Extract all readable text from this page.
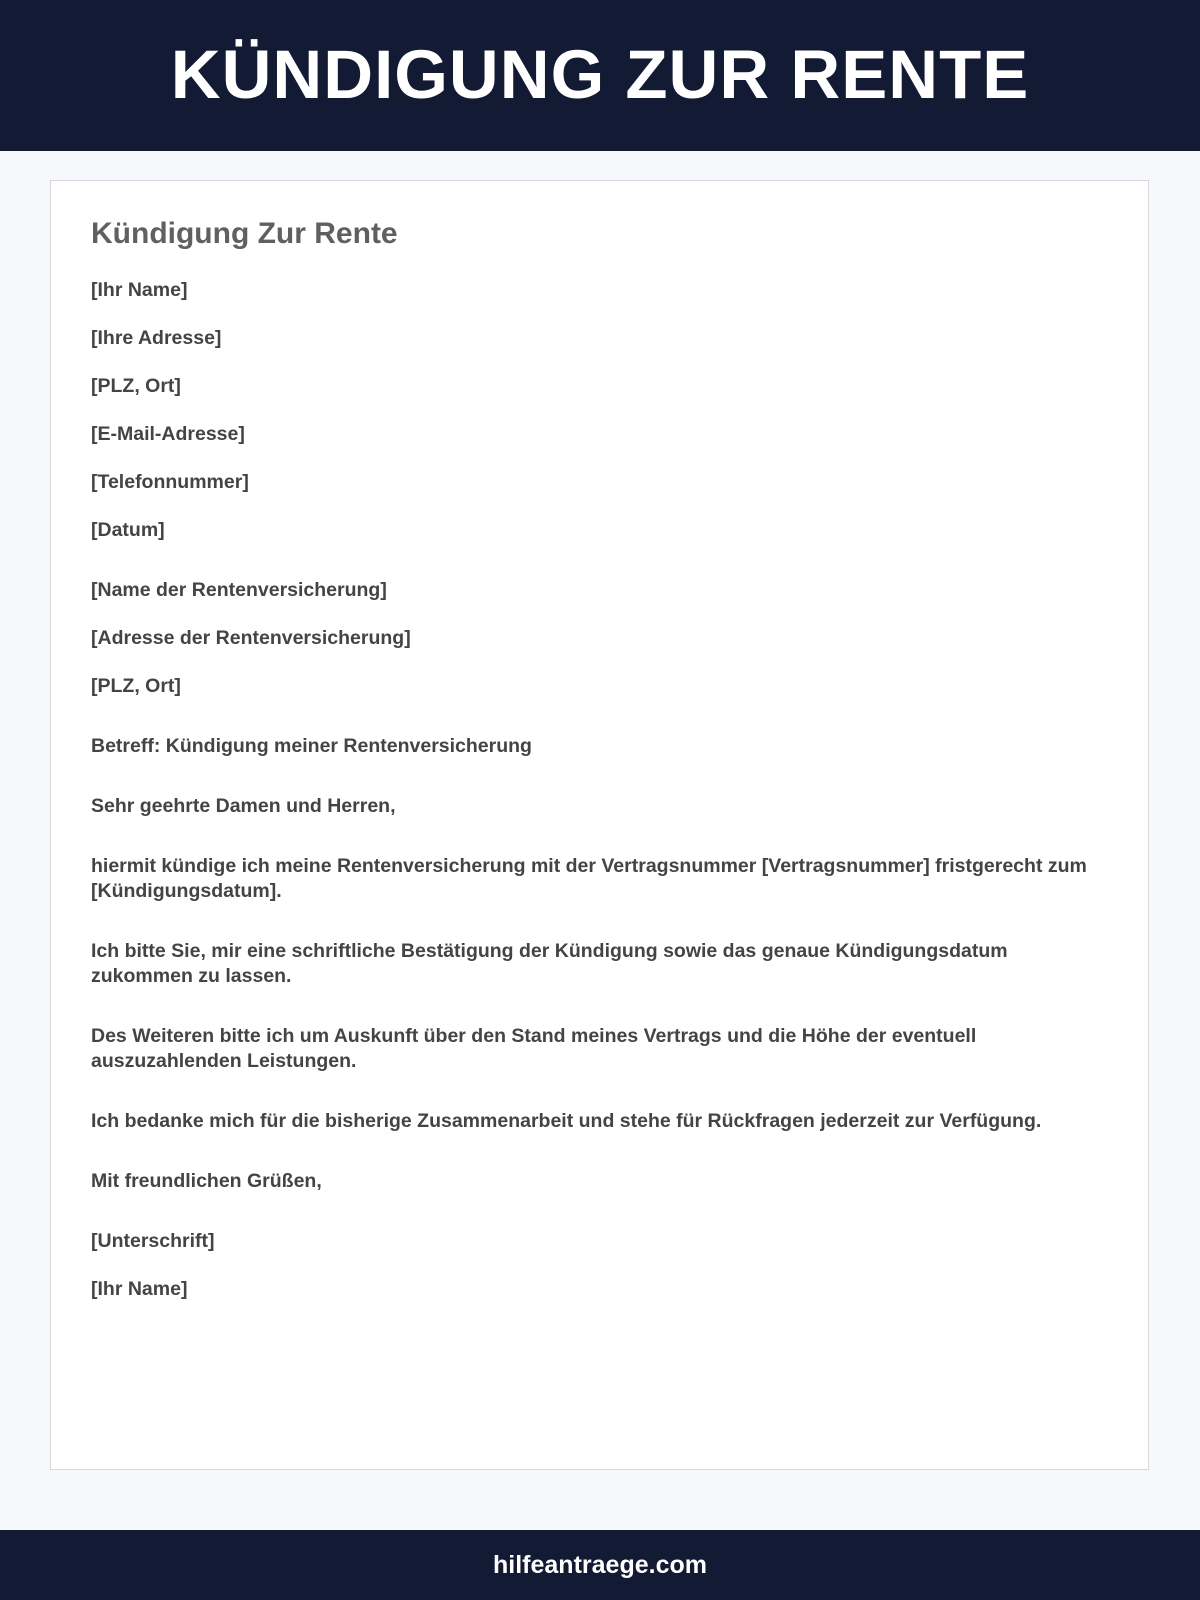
KÜNDIGUNG ZUR RENTE
Kündigung Zur Rente

[Ihr Name]

[Ihre Adresse]

[PLZ, Ort]

[E-Mail-Adresse]

[Telefonnummer]

[Datum]

[Name der Rentenversicherung]

[Adresse der Rentenversicherung]

[PLZ, Ort]

Betreff: Kündigung meiner Rentenversicherung

Sehr geehrte Damen und Herren,

hiermit kündige ich meine Rentenversicherung mit der Vertragsnummer [Vertragsnummer] fristgerecht zum [Kündigungsdatum].

Ich bitte Sie, mir eine schriftliche Bestätigung der Kündigung sowie das genaue Kündigungsdatum zukommen zu lassen.

Des Weiteren bitte ich um Auskunft über den Stand meines Vertrags und die Höhe der eventuell auszuzahlenden Leistungen.

Ich bedanke mich für die bisherige Zusammenarbeit und stehe für Rückfragen jederzeit zur Verfügung.

Mit freundlichen Grüßen,

[Unterschrift]

[Ihr Name]

hilfeantraege.com
